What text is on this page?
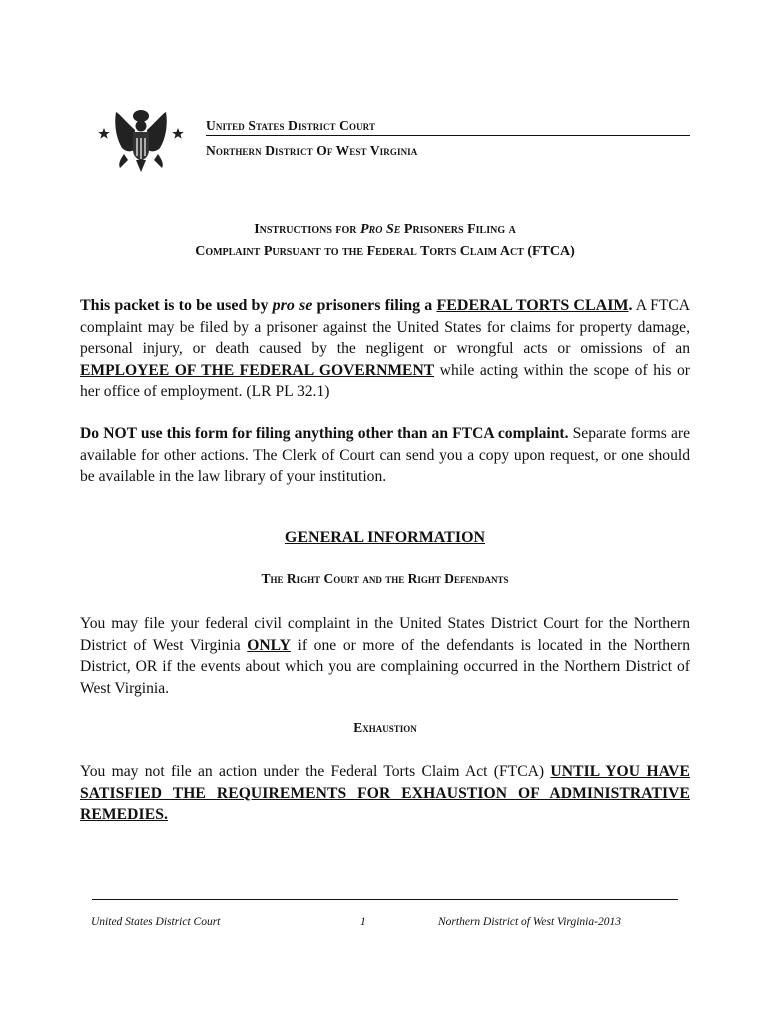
United States District Court
Northern District Of West Virginia
Instructions for Pro Se Prisoners Filing a
Complaint Pursuant to the Federal Torts Claim Act (FTCA)
This packet is to be used by pro se prisoners filing a FEDERAL TORTS CLAIM. A FTCA complaint may be filed by a prisoner against the United States for claims for property damage, personal injury, or death caused by the negligent or wrongful acts or omissions of an EMPLOYEE OF THE FEDERAL GOVERNMENT while acting within the scope of his or her office of employment. (LR PL 32.1)
Do NOT use this form for filing anything other than an FTCA complaint. Separate forms are available for other actions. The Clerk of Court can send you a copy upon request, or one should be available in the law library of your institution.
GENERAL INFORMATION
The Right Court and the Right Defendants
You may file your federal civil complaint in the United States District Court for the Northern District of West Virginia ONLY if one or more of the defendants is located in the Northern District, OR if the events about which you are complaining occurred in the Northern District of West Virginia.
Exhaustion
You may not file an action under the Federal Torts Claim Act (FTCA) UNTIL YOU HAVE SATISFIED THE REQUIREMENTS FOR EXHAUSTION OF ADMINISTRATIVE REMEDIES.
United States District Court	1	Northern District of West Virginia-2013
